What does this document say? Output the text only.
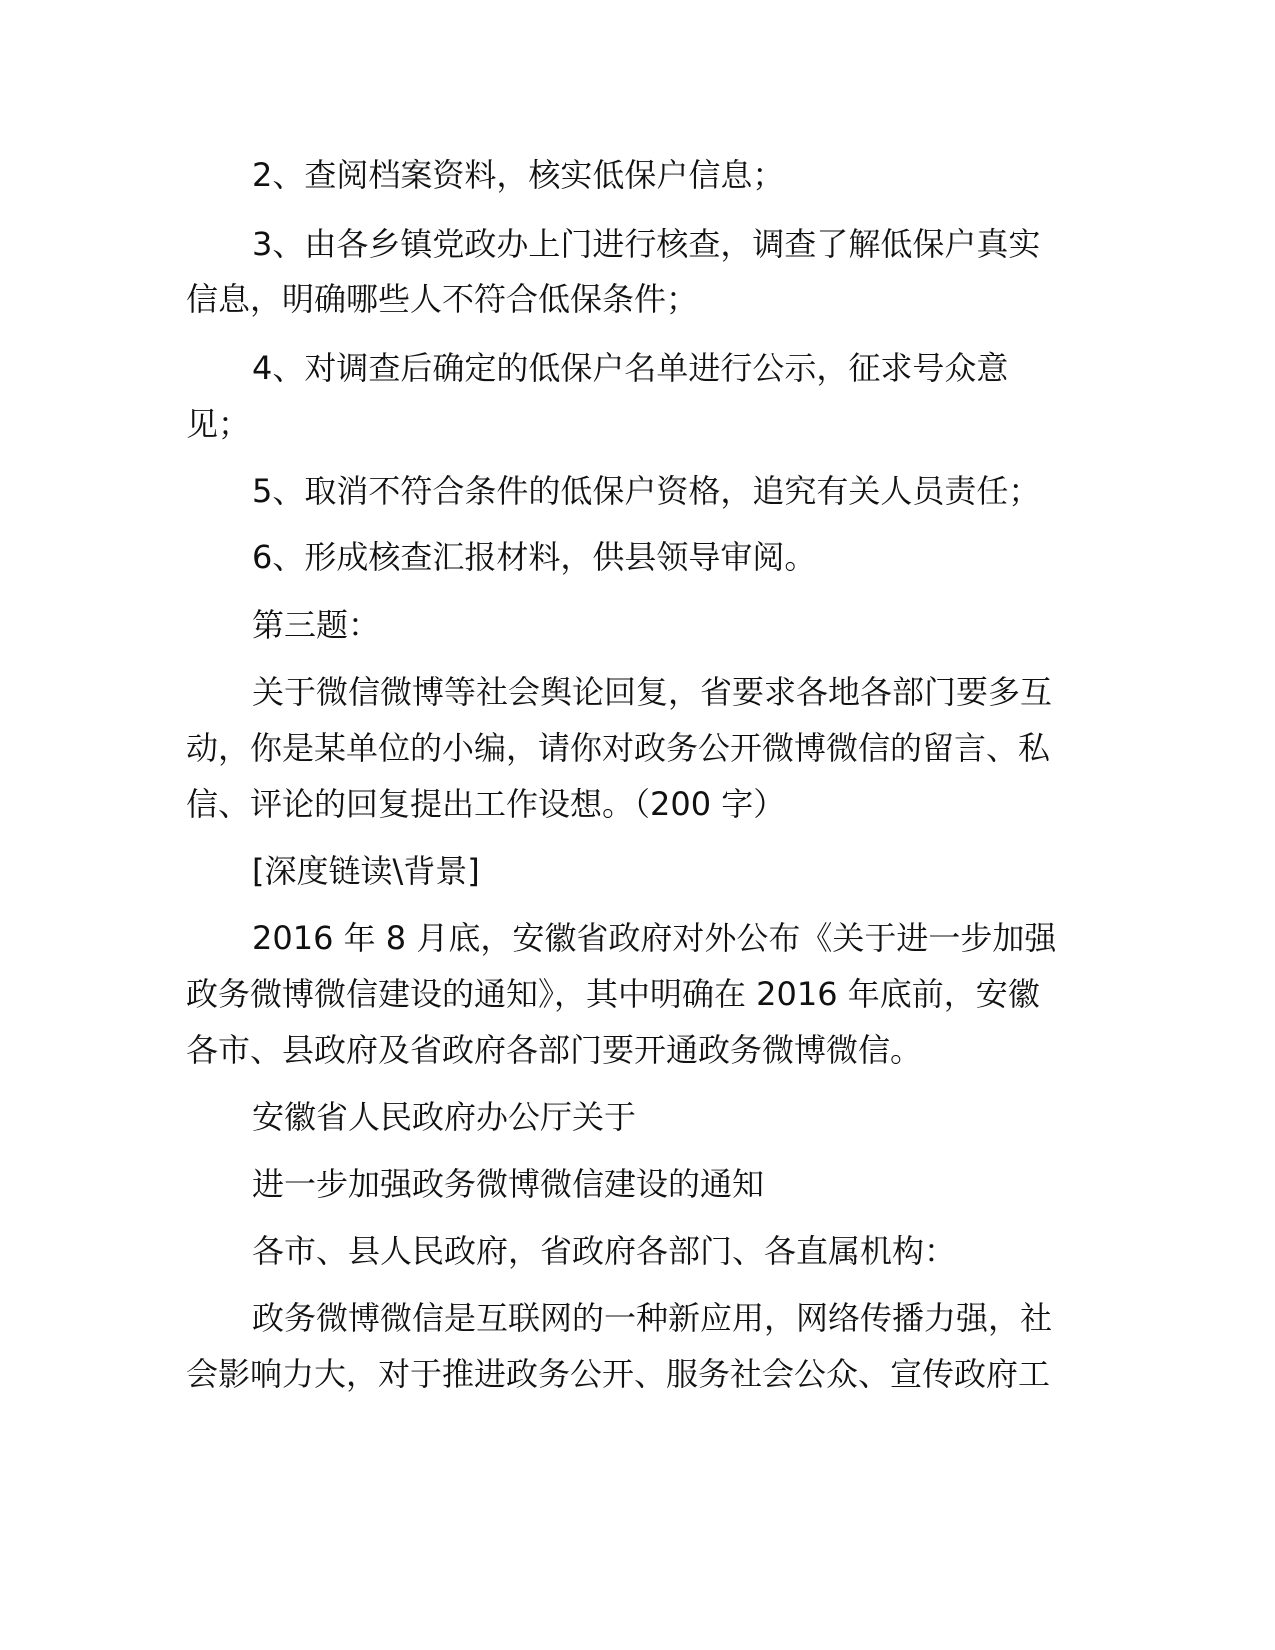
2、查阅档案资料，核实低保户信息；
3、由各乡镇党政办上门进行核查，调查了解低保户真实
信息，明确哪些人不符合低保条件；
4、对调查后确定的低保户名单进行公示，征求号众意
见；
5、取消不符合条件的低保户资格，追究有关人员责任；
6、形成核查汇报材料，供县领导审阅。
第三题：
关于微信微博等社会舆论回复，省要求各地各部门要多互
动，你是某单位的小编，请你对政务公开微博微信的留言、私
信、评论的回复提出工作设想。（200 字）
[深度链读\背景]
2016 年 8 月底，安徽省政府对外公布《关于进一步加强
政务微博微信建设的通知》，其中明确在 2016 年底前，安徽
各市、县政府及省政府各部门要开通政务微博微信。
安徽省人民政府办公厅关于
进一步加强政务微博微信建设的通知
各市、县人民政府，省政府各部门、各直属机构：
政务微博微信是互联网的一种新应用，网络传播力强，社
会影响力大，对于推进政务公开、服务社会公众、宣传政府工
